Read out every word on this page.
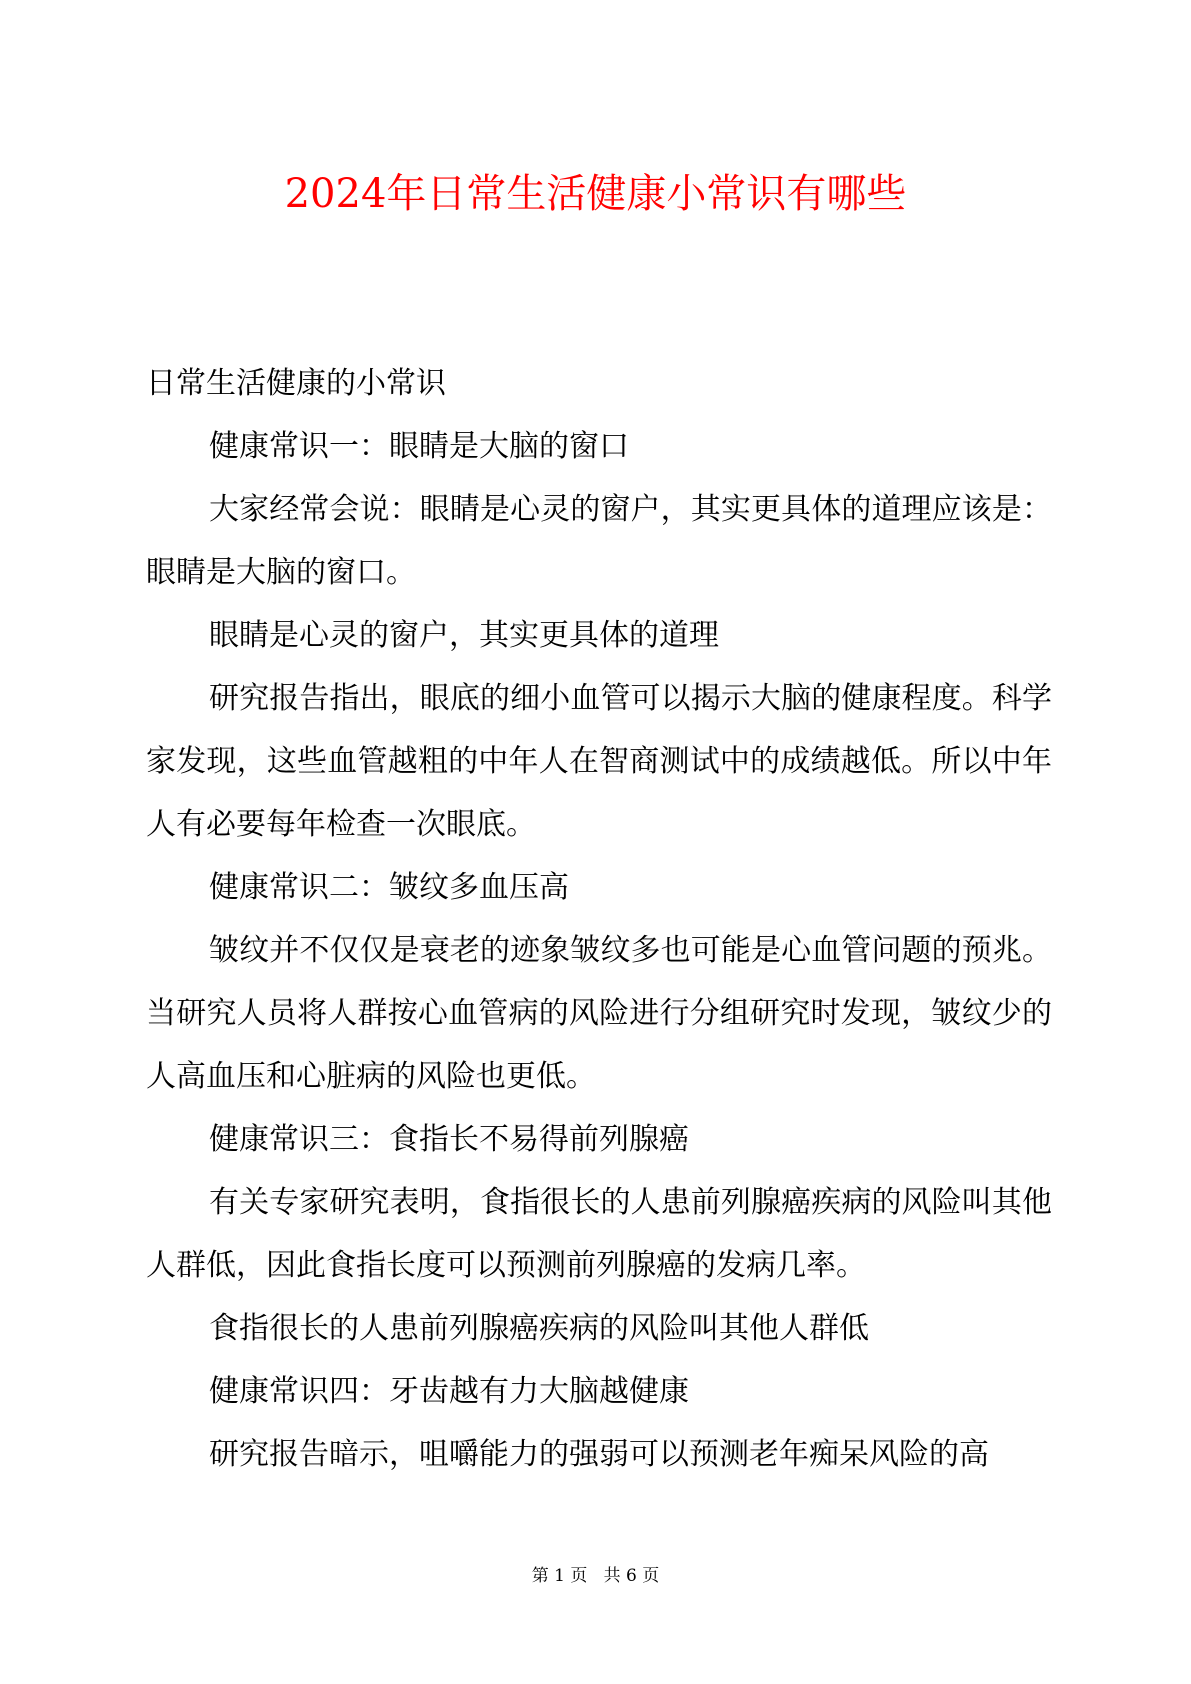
2024年日常生活健康小常识有哪些

日常生活健康的小常识

健康常识一：眼睛是大脑的窗口

大家经常会说：眼睛是心灵的窗户，其实更具体的道理应该是：眼睛是大脑的窗口。

眼睛是心灵的窗户，其实更具体的道理

研究报告指出，眼底的细小血管可以揭示大脑的健康程度。科学家发现，这些血管越粗的中年人在智商测试中的成绩越低。所以中年人有必要每年检查一次眼底。

健康常识二：皱纹多血压高

皱纹并不仅仅是衰老的迹象皱纹多也可能是心血管问题的预兆。当研究人员将人群按心血管病的风险进行分组研究时发现，皱纹少的人高血压和心脏病的风险也更低。

健康常识三：食指长不易得前列腺癌

有关专家研究表明，食指很长的人患前列腺癌疾病的风险叫其他人群低，因此食指长度可以预测前列腺癌的发病几率。

食指很长的人患前列腺癌疾病的风险叫其他人群低

健康常识四：牙齿越有力大脑越健康

研究报告暗示，咀嚼能力的强弱可以预测老年痴呆风险的高

第 1 页   共 6 页
